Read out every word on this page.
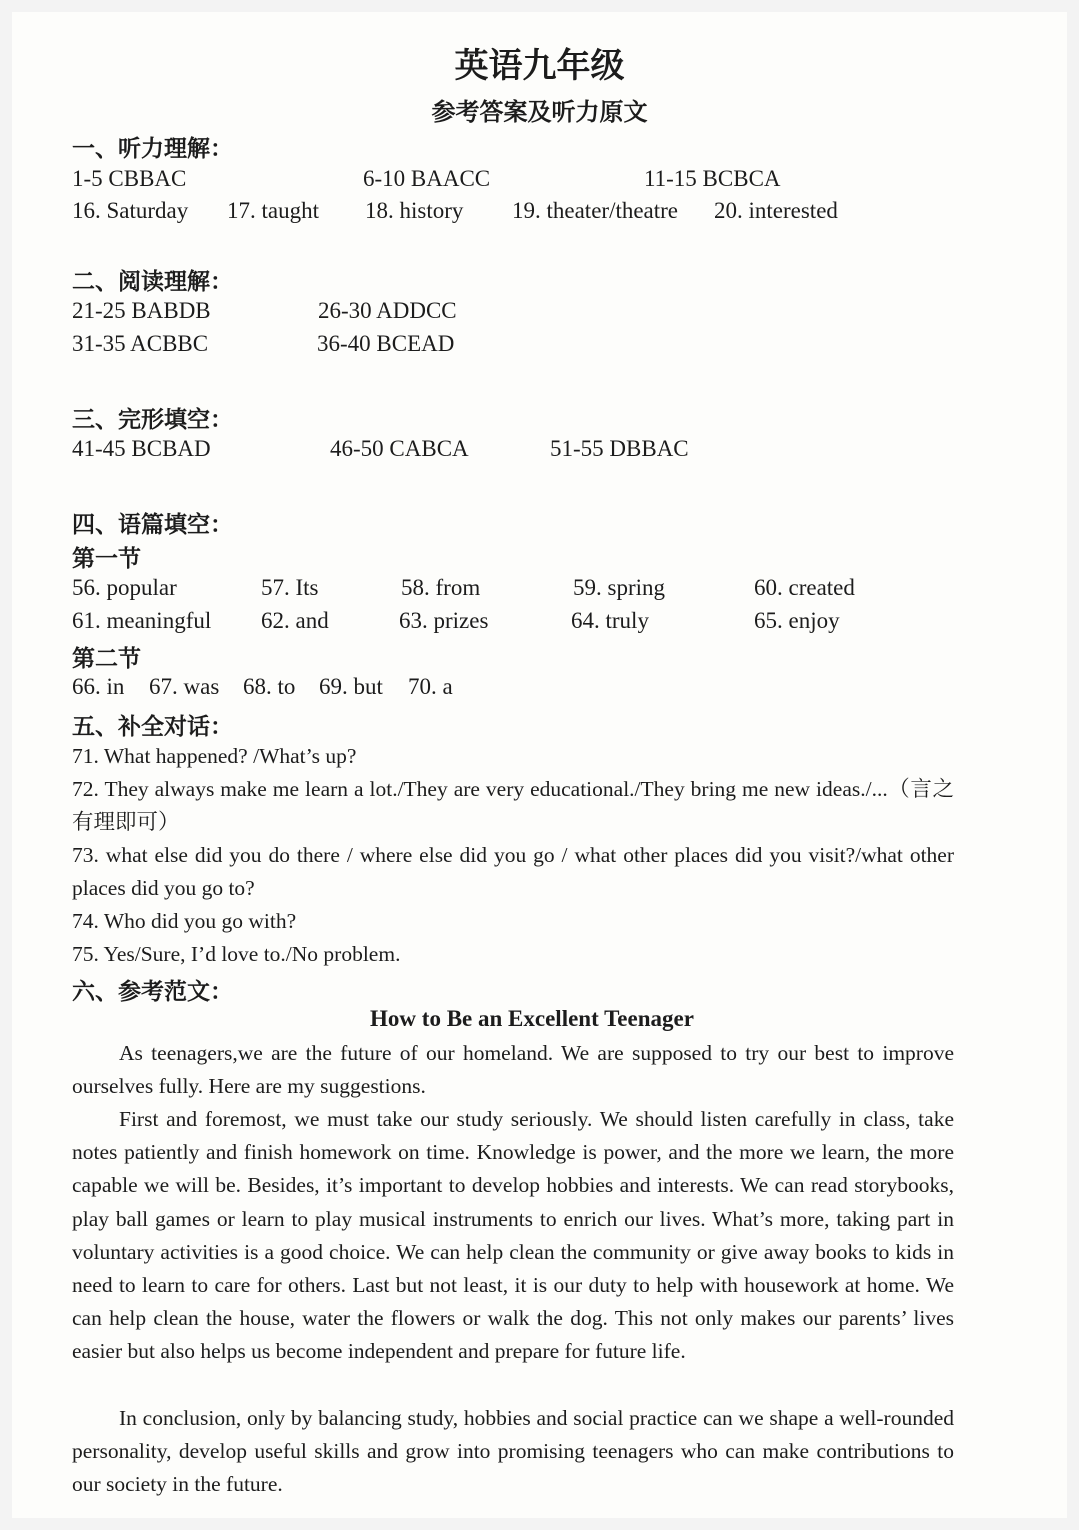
英语九年级
参考答案及听力原文
一、听力理解：
1-5 CBBAC	6-10 BAACC	11-15 BCBCA
16. Saturday 17. taught 18. history 19. theater/theatre 20. interested
二、阅读理解：
21-25 BABDB	26-30 ADDCC
31-35 ACBBC	36-40 BCEAD
三、完形填空：
41-45 BCBAD	46-50 CABCA	51-55 DBBAC
四、语篇填空：
第一节
56. popular	57. Its	58. from	59. spring	60. created
61. meaningful 62. and	63. prizes	64. truly	65. enjoy
第二节
66. in 67. was 68. to 69. but 70. a
五、补全对话：
71. What happened? /What’s up?
72. They always make me learn a lot./They are very educational./They bring me new ideas./...（言之有理即可）
73. what else did you do there / where else did you go / what other places did you visit?/what other places did you go to?
74. Who did you go with?
75. Yes/Sure, I’d love to./No problem.
六、参考范文：
How to Be an Excellent Teenager
As teenagers,we are the future of our homeland. We are supposed to try our best to improve ourselves fully. Here are my suggestions.
First and foremost, we must take our study seriously. We should listen carefully in class, take notes patiently and finish homework on time. Knowledge is power, and the more we learn, the more capable we will be. Besides, it’s important to develop hobbies and interests. We can read storybooks, play ball games or learn to play musical instruments to enrich our lives. What’s more, taking part in voluntary activities is a good choice. We can help clean the community or give away books to kids in need to learn to care for others. Last but not least, it is our duty to help with housework at home. We can help clean the house, water the flowers or walk the dog. This not only makes our parents’ lives easier but also helps us become independent and prepare for future life.
In conclusion, only by balancing study, hobbies and social practice can we shape a well-rounded personality, develop useful skills and grow into promising teenagers who can make contributions to our society in the future.
